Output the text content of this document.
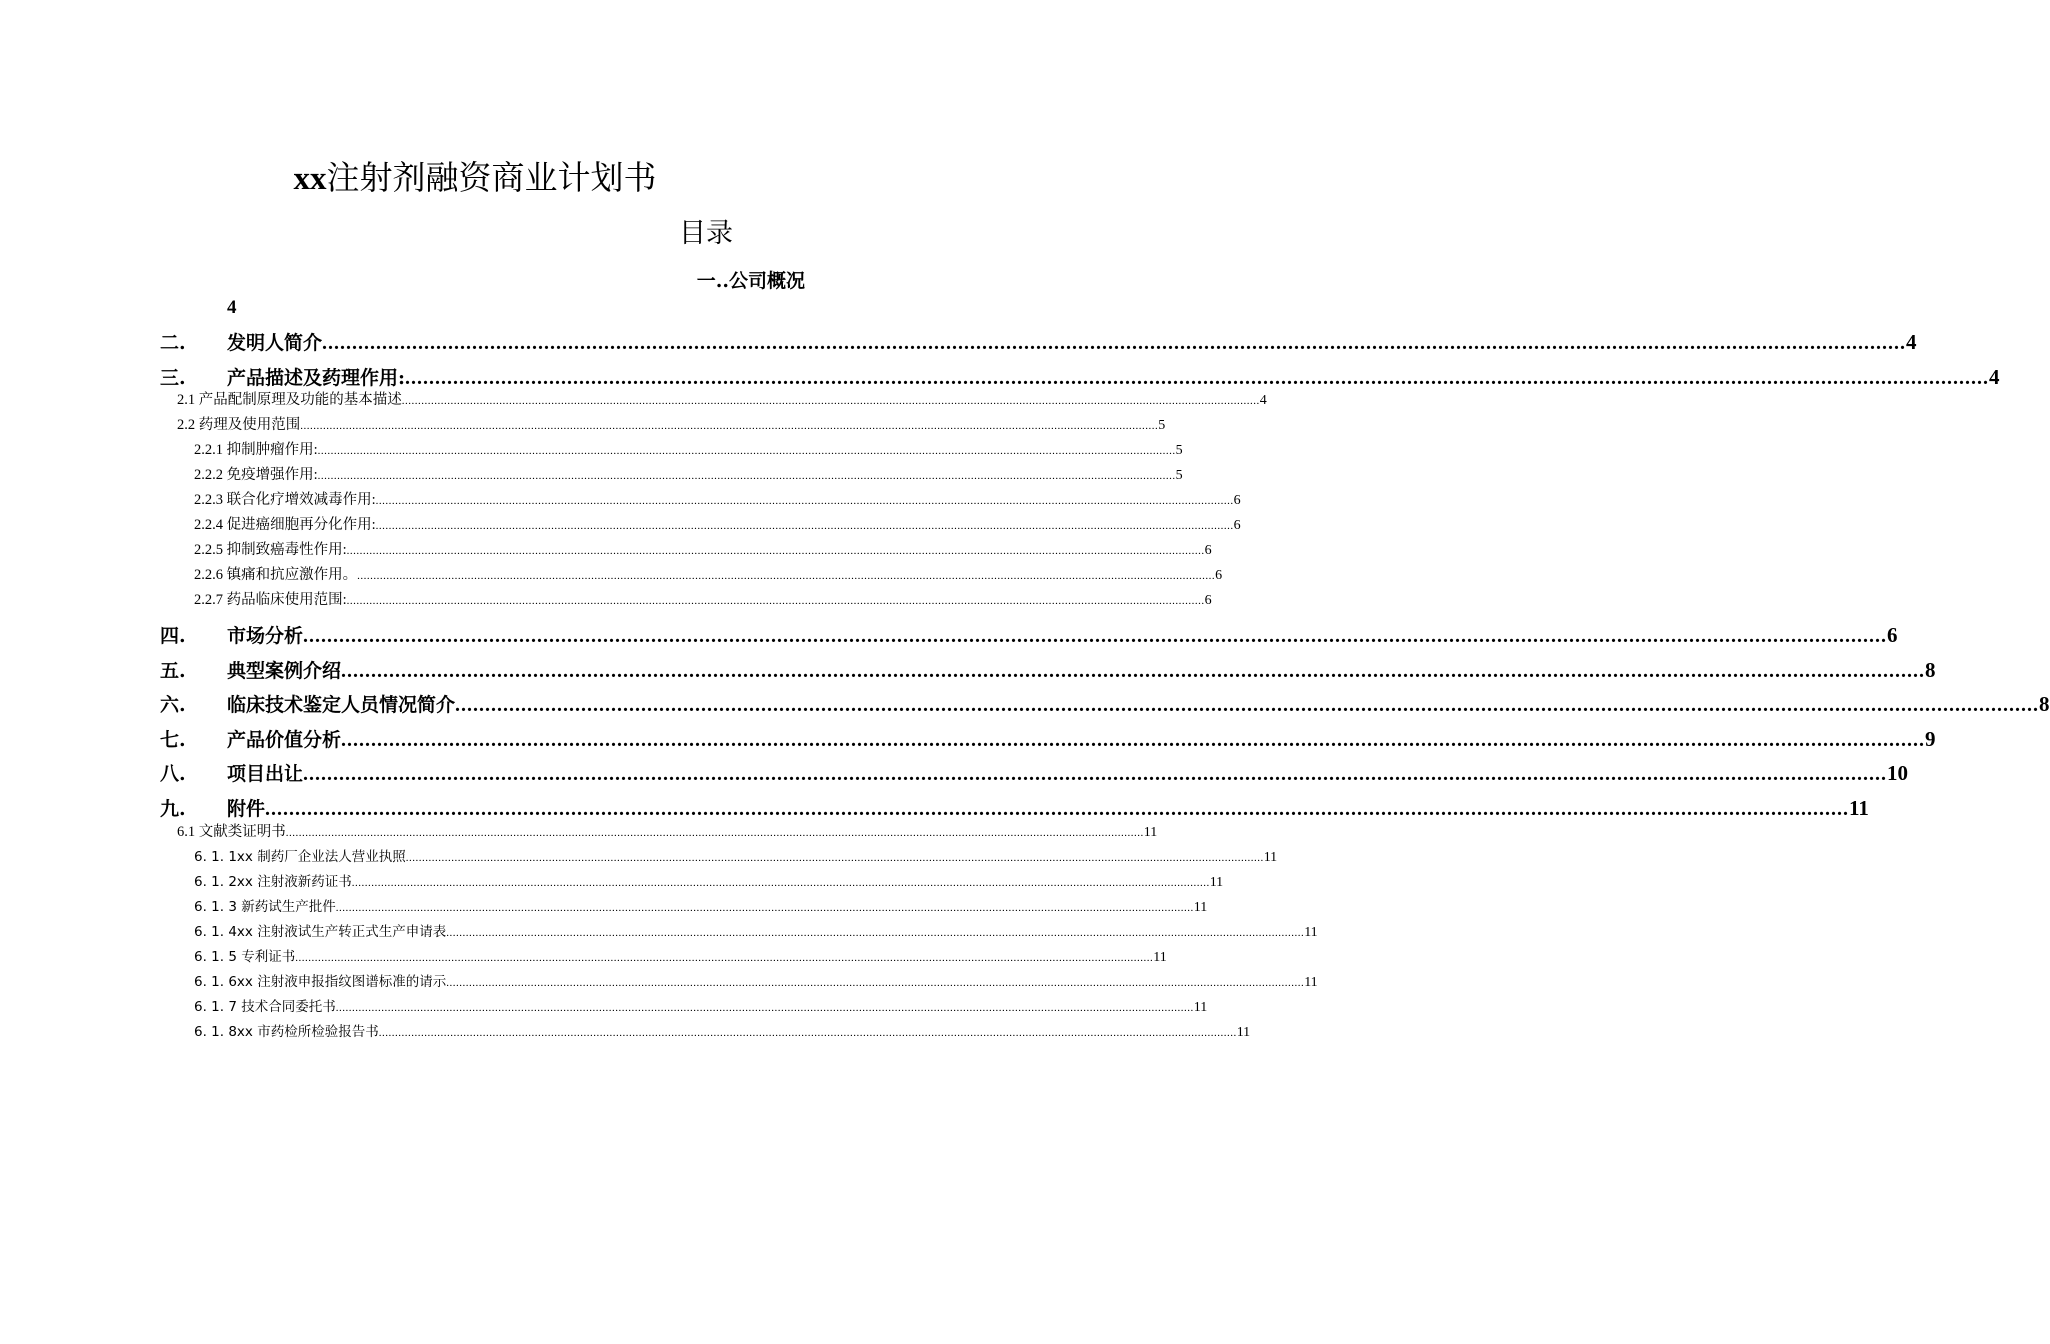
xx注射剂融资商业计划书
目录
一..公司概况
4
二.	发明人简介 ........................................................................................................................................................................................................................................................................ 4
三.	产品描述及药理作用: ........................................................................................................................................................................................................................................................................ 4
2.1 产品配制原理及功能的基本描述 ........................................................................................................................................................................................................................................................................ 4
2.2 药理及使用范围 ........................................................................................................................................................................................................................................................................ 5
2.2.1 抑制肿瘤作用: ........................................................................................................................................................................................................................................................................ 5
2.2.2 免疫增强作用: ........................................................................................................................................................................................................................................................................ 5
2.2.3 联合化疗增效减毒作用: ........................................................................................................................................................................................................................................................................ 6
2.2.4 促进癌细胞再分化作用: ........................................................................................................................................................................................................................................................................ 6
2.2.5 抑制致癌毒性作用: ........................................................................................................................................................................................................................................................................ 6
2.2.6 镇痛和抗应激作用。 ........................................................................................................................................................................................................................................................................ 6
2.2.7 药品临床使用范围: ........................................................................................................................................................................................................................................................................ 6
四.	市场分析 ........................................................................................................................................................................................................................................................................ 6
五.	典型案例介绍 ........................................................................................................................................................................................................................................................................ 8
六.	临床技术鉴定人员情况简介 ........................................................................................................................................................................................................................................................................ 8
七.	产品价值分析 ........................................................................................................................................................................................................................................................................ 9
八.	项目出让 ........................................................................................................................................................................................................................................................................ 10
九.	附件 ........................................................................................................................................................................................................................................................................ 11
6.1 文献类证明书 ........................................................................................................................................................................................................................................................................ 11
6. 1. 1xx 制药厂企业法人营业执照 ........................................................................................................................................................................................................................................................................ 11
6. 1. 2xx 注射液新药证书 ........................................................................................................................................................................................................................................................................ 11
6. 1. 3 新药试生产批件 ........................................................................................................................................................................................................................................................................ 11
6. 1. 4xx 注射液试生产转正式生产申请表 ........................................................................................................................................................................................................................................................................ 11
6. 1. 5 专利证书 ........................................................................................................................................................................................................................................................................ 11
6. 1. 6xx 注射液申报指纹图谱标准的请示 ........................................................................................................................................................................................................................................................................ 11
6. 1. 7 技术合同委托书 ........................................................................................................................................................................................................................................................................ 11
6. 1. 8xx 市药检所检验报告书 ........................................................................................................................................................................................................................................................................ 11
